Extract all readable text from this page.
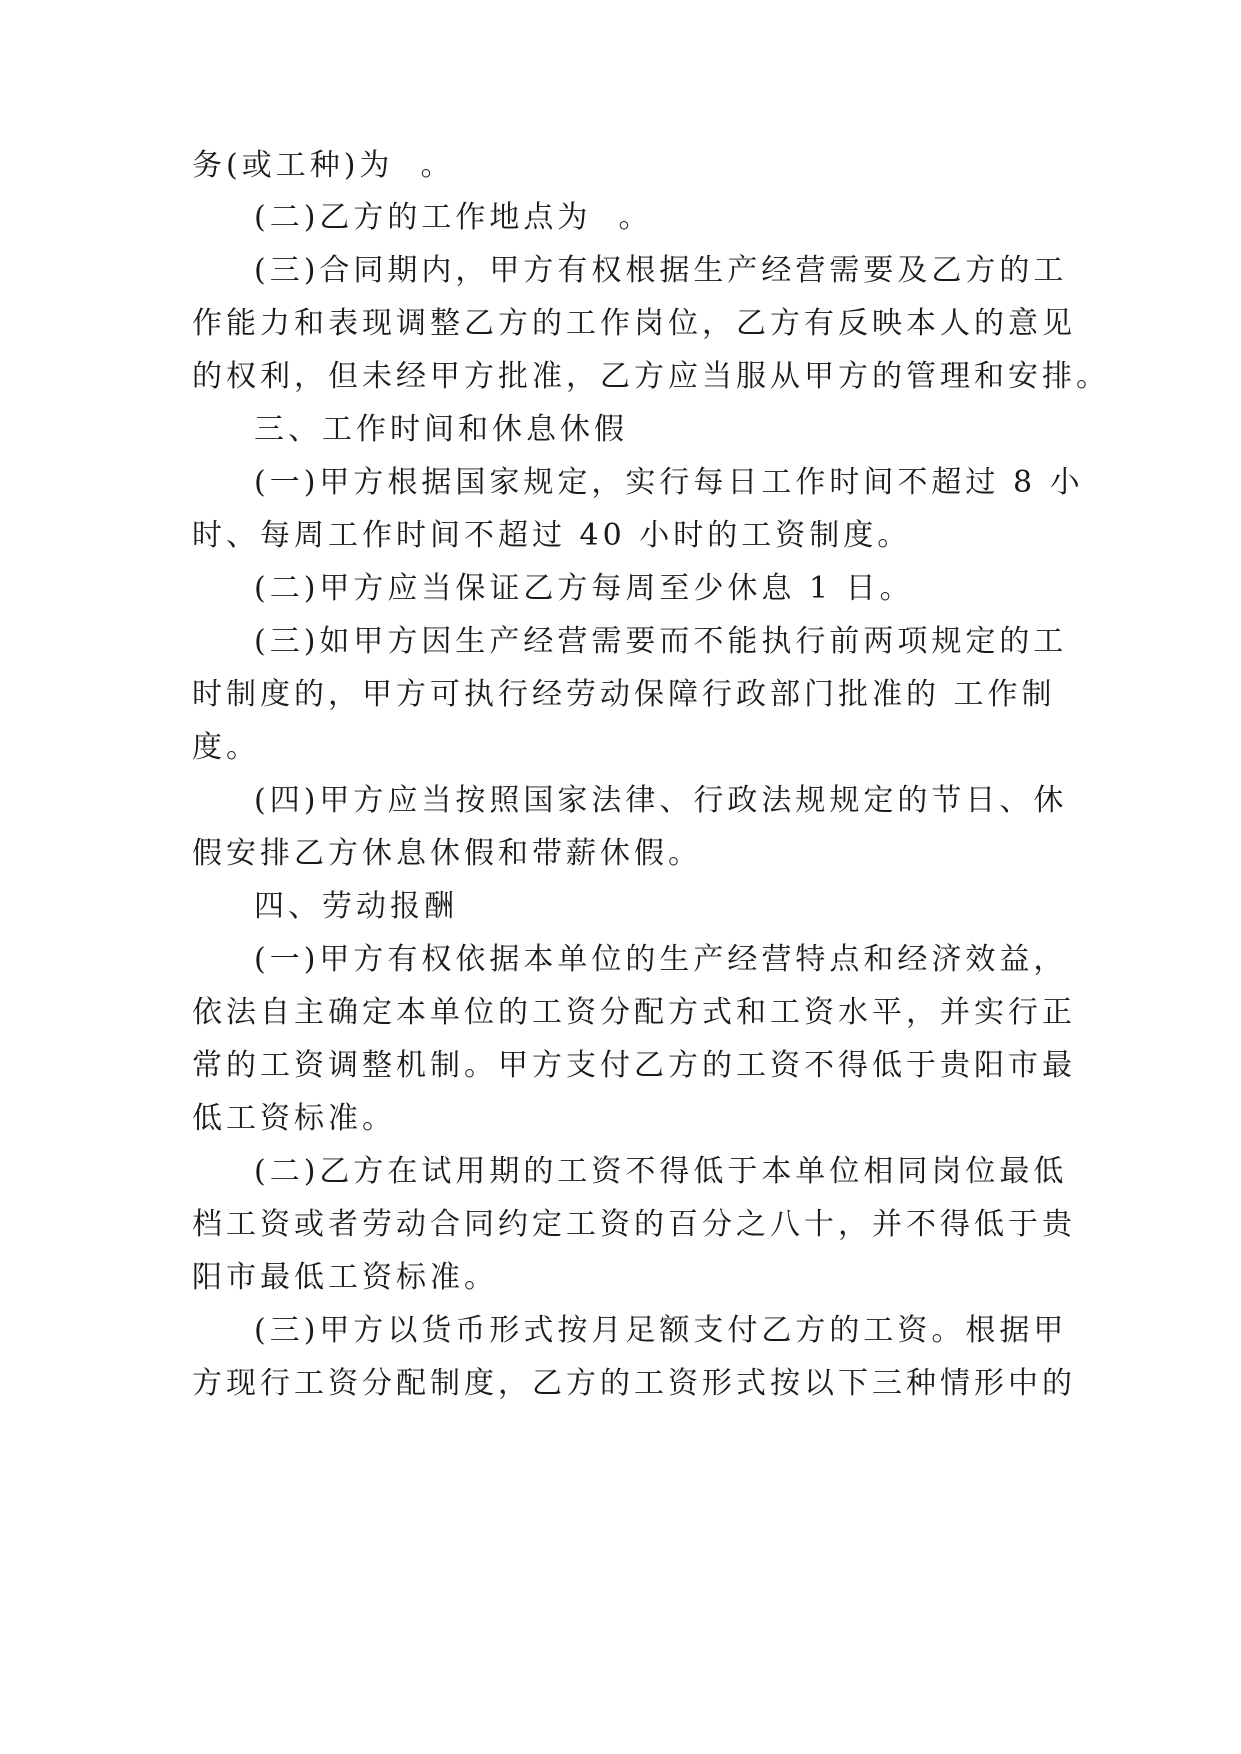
务(或工种)为  。

(二)乙方的工作地点为  。

(三)合同期内，甲方有权根据生产经营需要及乙方的工

作能力和表现调整乙方的工作岗位，乙方有反映本人的意见

的权利，但未经甲方批准，乙方应当服从甲方的管理和安排。

三、工作时间和休息休假

(一)甲方根据国家规定，实行每日工作时间不超过 8 小

时、每周工作时间不超过 40 小时的工资制度。

(二)甲方应当保证乙方每周至少休息 1 日。

(三)如甲方因生产经营需要而不能执行前两项规定的工

时制度的，甲方可执行经劳动保障行政部门批准的 工作制

度。

(四)甲方应当按照国家法律、行政法规规定的节日、休

假安排乙方休息休假和带薪休假。

四、劳动报酬

(一)甲方有权依据本单位的生产经营特点和经济效益，

依法自主确定本单位的工资分配方式和工资水平，并实行正

常的工资调整机制。甲方支付乙方的工资不得低于贵阳市最

低工资标准。

(二)乙方在试用期的工资不得低于本单位相同岗位最低

档工资或者劳动合同约定工资的百分之八十，并不得低于贵

阳市最低工资标准。

(三)甲方以货币形式按月足额支付乙方的工资。根据甲

方现行工资分配制度，乙方的工资形式按以下三种情形中的
